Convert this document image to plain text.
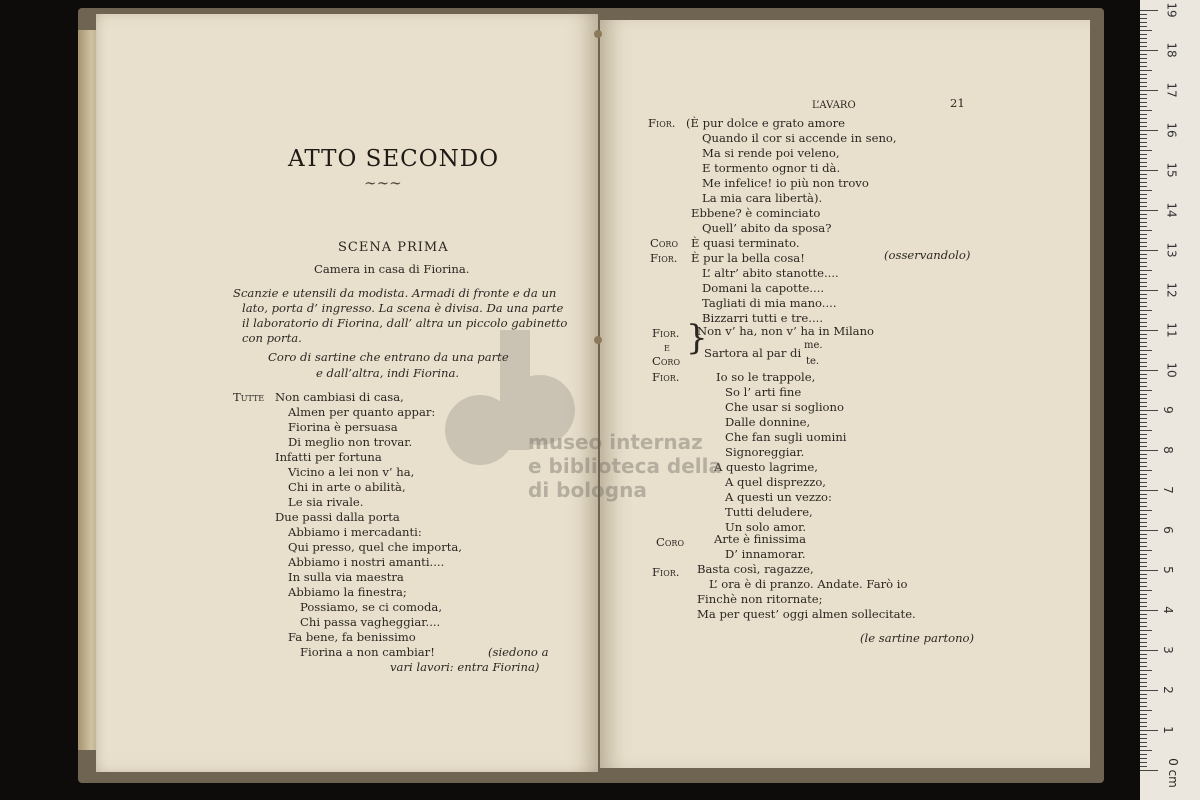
ATTO SECONDO
∼∼∼
SCENA PRIMA
Camera in casa di Fiorina.
Scanzie e utensili da modista. Armadi di fronte e da un
lato, porta d’ ingresso. La scena è divisa. Da una parte
il laboratorio di Fiorina, dall’ altra un piccolo gabinetto
con porta.
Coro di sartine che entrano da una parte
e dall’altra, indi Fiorina.
Tutte Non cambiasi di casa,
Almen per quanto appar:
Fiorina è persuasa
Di meglio non trovar.
Infatti per fortuna
Vicino a lei non v’ ha,
Chi in arte o abilità,
Le sia rivale.
Due passi dalla porta
Abbiamo i mercadanti:
Qui presso, quel che importa,
Abbiamo i nostri amanti....
In sulla via maestra
Abbiamo la finestra;
Possiamo, se ci comoda,
Chi passa vagheggiar....
Fa bene, fa benissimo
Fiorina a non cambiar!	(siedono a
vari lavori: entra Fiorina)
L’AVARO	21
Fior. (È pur dolce e grato amore
Quando il cor si accende in seno,
Ma si rende poi veleno,
E tormento ognor ti dà.
Me infelice! io più non trovo
La mia cara libertà).
Ebbene? è cominciato
Quell’ abito da sposa?
Coro È quasi terminato.
Fior. È pur la bella cosa!	(osservandolo)
L’ altr’ abito stanotte....
Domani la capotte....
Tagliati di mia mano....
Bizzarri tutti e tre....
Fior.
e
Coro
}
Non v’ ha, non v’ ha in Milano
Sartora al par di
me.
te.
Fior.	Io so le trappole,
So l’ arti fine
Che usar si sogliono
Dalle donnine,
Che fan sugli uomini
Signoreggiar.
A questo lagrime,
A quel disprezzo,
A questi un vezzo:
Tutti deludere,
Un solo amor.
Coro	Arte è finissima
D’ innamorar.
Fior. Basta così, ragazze,
L’ ora è di pranzo. Andate. Farò io
Finchè non ritornate;
Ma per quest’ oggi almen sollecitate.
(le sartine partono)
museo internaz
e biblioteca della
di bologna
1
2
3
4
5
6
7
8
9
10
11
12
13
14
15
16
17
18
19
0 cm
